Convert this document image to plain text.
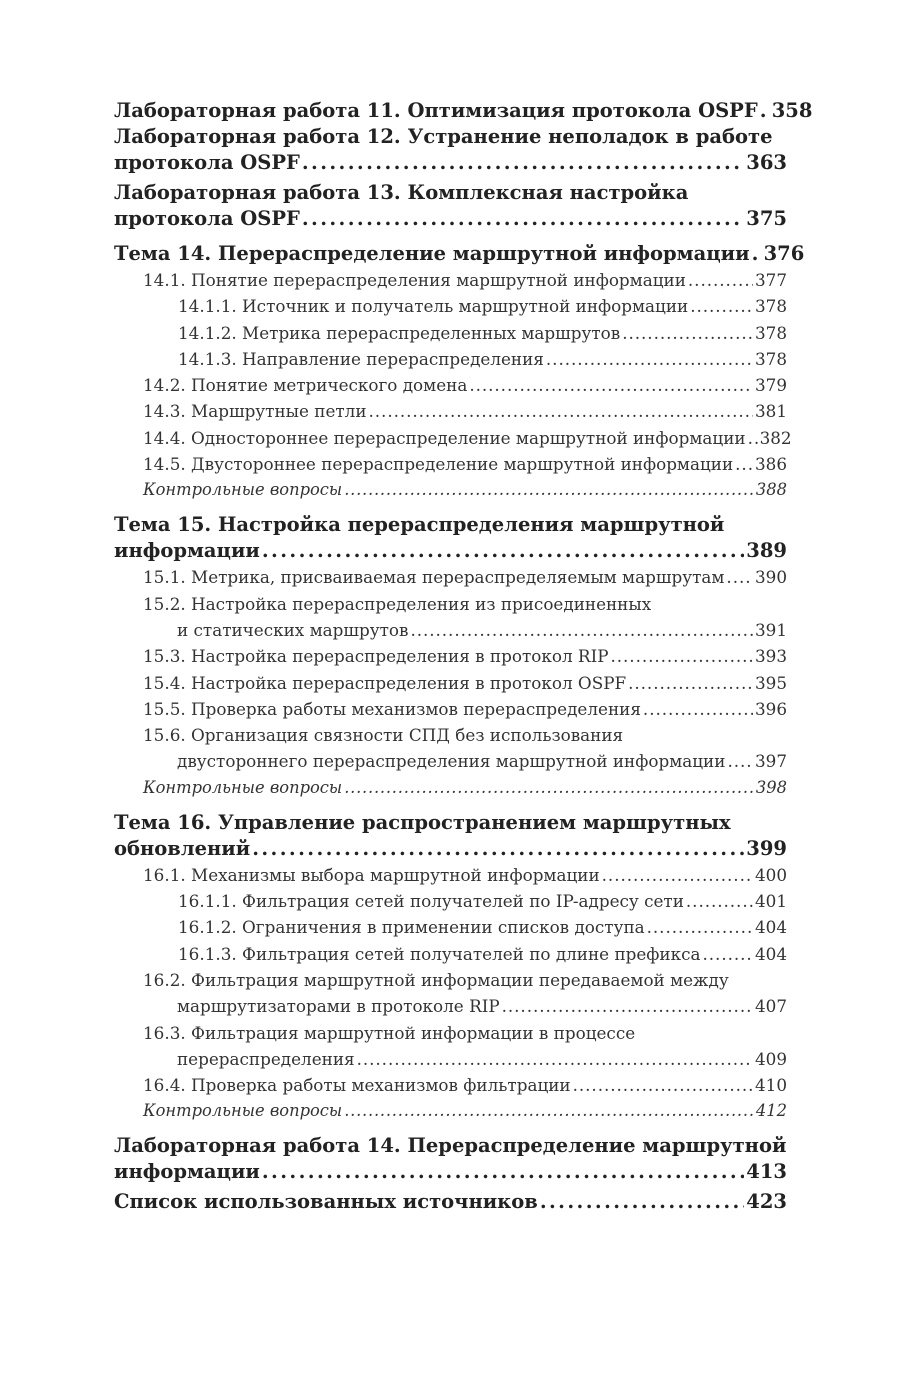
Лабораторная работа 11. Оптимизация протокола OSPF . . . 358
Лабораторная работа 12. Устранение неполадок в работе
протокола OSPF . . .	363
Лабораторная работа 13. Комплексная настройка
протокола OSPF . . .	375
Тема 14. Перераспределение маршрутной информации . . . 376
14.1. Понятие перераспределения маршрутной информации . . .	377
14.1.1. Источник и получатель маршрутной информации . . .	378
14.1.2. Метрика перераспределенных маршрутов . . .	378
14.1.3. Направление перераспределения . . .	378
14.2. Понятие метрического домена . . .	379
14.3. Маршрутные петли . . .	381
14.4. Одностороннее перераспределение маршрутной информации . . . 382
14.5. Двустороннее перераспределение маршрутной информации . . . 386
Контрольные вопросы . . .	388
Тема 15. Настройка перераспределения маршрутной
информации . . .	389
15.1. Метрика, присваиваемая перераспределяемым маршрутам . . . 390
15.2. Настройка перераспределения из присоединенных
и статических маршрутов . . .	391
15.3. Настройка перераспределения в протокол RIP . . .	393
15.4. Настройка перераспределения в протокол OSPF . . .	395
15.5. Проверка работы механизмов перераспределения . . .	396
15.6. Организация связности СПД без использования
двустороннего перераспределения маршрутной информации . . . 397
Контрольные вопросы . . .	398
Тема 16. Управление распространением маршрутных
обновлений . . .	399
16.1. Механизмы выбора маршрутной информации . . .	400
16.1.1. Фильтрация сетей получателей по IP-адресу сети . . .	401
16.1.2. Ограничения в применении списков доступа . . .	404
16.1.3. Фильтрация сетей получателей по длине префикса . . .	404
16.2. Фильтрация маршрутной информации передаваемой между
маршрутизаторами в протоколе RIP . . .	407
16.3. Фильтрация маршрутной информации в процессе
перераспределения . . .	409
16.4. Проверка работы механизмов фильтрации . . .	410
Контрольные вопросы . . .	412
Лабораторная работа 14. Перераспределение маршрутной
информации . . .	413
Список использованных источников . . .	423
